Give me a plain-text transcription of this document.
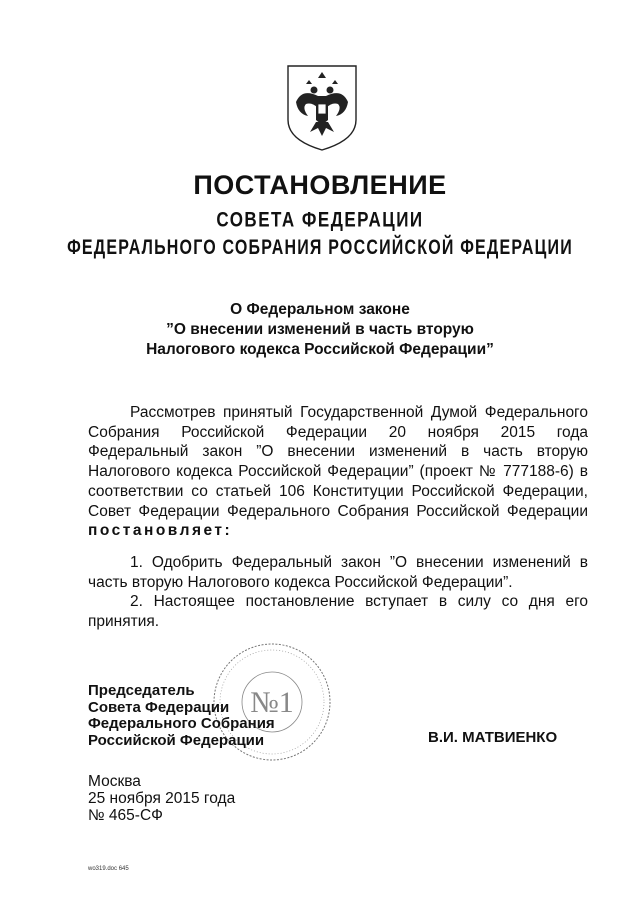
ПОСТАНОВЛЕНИЕ
СОВЕТА ФЕДЕРАЦИИ
ФЕДЕРАЛЬНОГО СОБРАНИЯ РОССИЙСКОЙ ФЕДЕРАЦИИ
О Федеральном законе
”О внесении изменений в часть вторую
Налогового кодекса Российской Федерации”
Рассмотрев принятый Государственной Думой Федерального Собрания Российской Федерации 20 ноября 2015 года Федеральный закон ”О внесении изменений в часть вторую Налогового кодекса Российской Федерации” (проект № 777188-6) в соответствии со статьей 106 Конституции Российской Федерации, Совет Федерации Федерального Собрания Российской Федерации постановляет:
1. Одобрить Федеральный закон ”О внесении изменений в часть вторую Налогового кодекса Российской Федерации”.
2. Настоящее постановление вступает в силу со дня его принятия.
№1
Председатель
Совета Федерации
Федерального Собрания
Российской Федерации	В.И. МАТВИЕНКО
Москва
25 ноября 2015 года
№ 465-СФ
wo319.doc 645
